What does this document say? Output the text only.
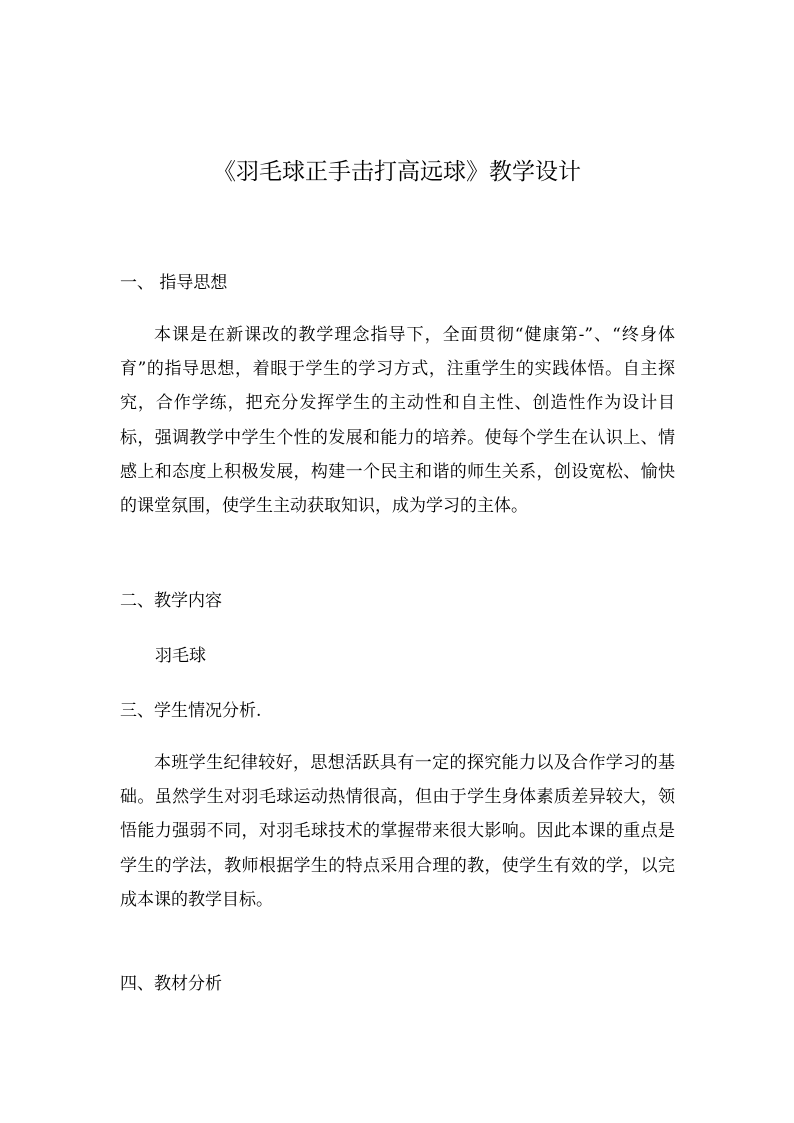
《羽毛球正手击打高远球》教学设计
一、 指导思想

本课是在新课改的教学理念指导下，全面贯彻“健康第-”、“终身体育”的指导思想，着眼于学生的学习方式，注重学生的实践体悟。自主探究，合作学练，把充分发挥学生的主动性和自主性、创造性作为设计目标，强调教学中学生个性的发展和能力的培养。使每个学生在认识上、情感上和态度上积极发展，构建一个民主和谐的师生关系，创设宽松、愉快的课堂氛围，使学生主动获取知识，成为学习的主体。

二、教学内容
羽毛球
三、学生情况分析.

本班学生纪律较好，思想活跃具有一定的探究能力以及合作学习的基础。虽然学生对羽毛球运动热情很高，但由于学生身体素质差异较大，领悟能力强弱不同，对羽毛球技术的掌握带来很大影响。因此本课的重点是学生的学法，教师根据学生的特点采用合理的教，使学生有效的学，以完成本课的教学目标。

四、教材分析
